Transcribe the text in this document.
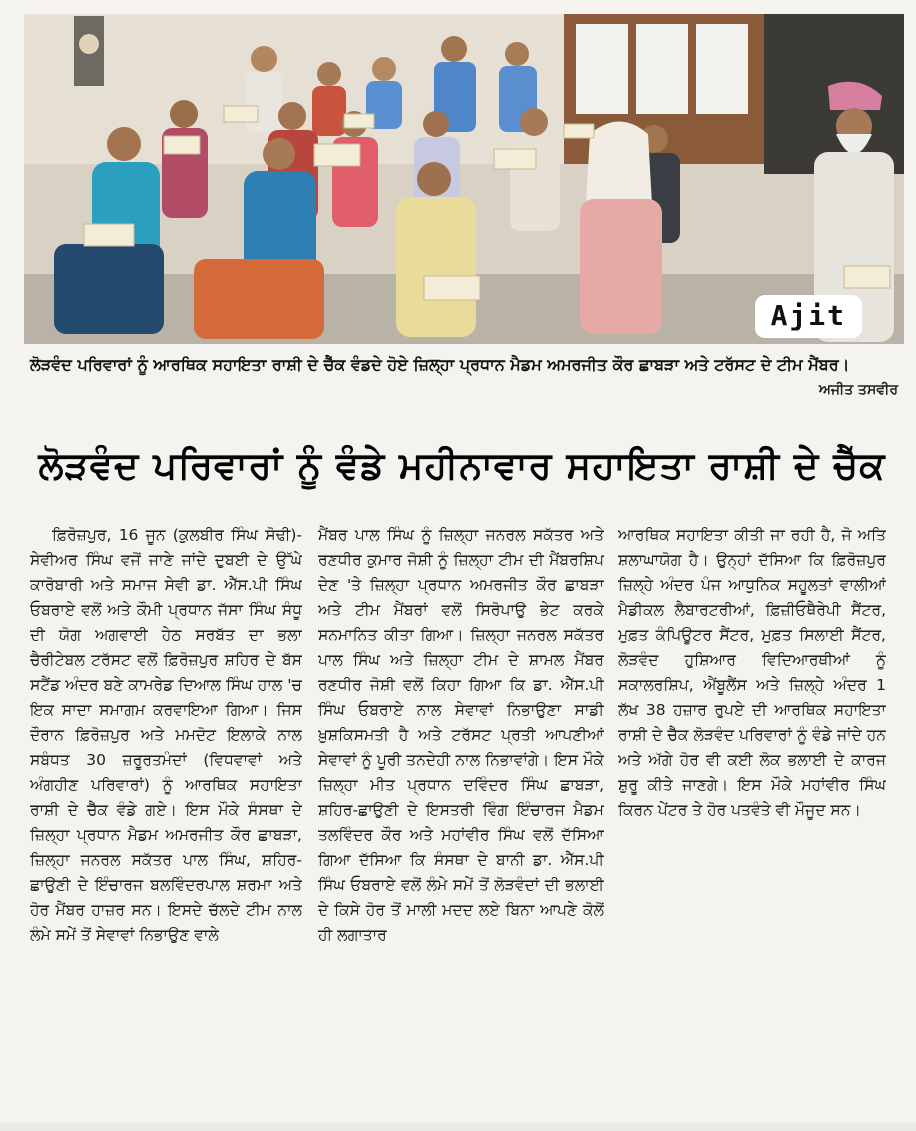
Ajit
ਲੋੜਵੰਦ ਪਰਿਵਾਰਾਂ ਨੂੰ ਆਰਥਿਕ ਸਹਾਇਤਾ ਰਾਸ਼ੀ ਦੇ ਚੈੱਕ ਵੰਡਦੇ ਹੋਏ ਜ਼ਿਲ੍ਹਾ ਪ੍ਰਧਾਨ ਮੈਡਮ ਅਮਰਜੀਤ ਕੌਰ ਛਾਬੜਾ ਅਤੇ ਟਰੱਸਟ ਦੇ ਟੀਮ ਮੈਂਬਰ।
ਅਜੀਤ ਤਸਵੀਰ
ਲੋੜਵੰਦ ਪਰਿਵਾਰਾਂ ਨੂੰ ਵੰਡੇ ਮਹੀਨਾਵਾਰ ਸਹਾਇਤਾ ਰਾਸ਼ੀ ਦੇ ਚੈੱਕ

ਫ਼ਿਰੋਜ਼ਪੁਰ, 16 ਜੂਨ (ਕੁਲਬੀਰ ਸਿੰਘ ਸੋਢੀ)-ਸੇਵੀਅਰ ਸਿੰਘ ਵਜੋਂ ਜਾਣੇ ਜਾਂਦੇ ਦੁਬਈ ਦੇ ਉੱਘੇ ਕਾਰੋਬਾਰੀ ਅਤੇ ਸਮਾਜ ਸੇਵੀ ਡਾ. ਐੱਸ.ਪੀ ਸਿੰਘ ਓਬਰਾਏ ਵਲੋਂ ਅਤੇ ਕੌਮੀ ਪ੍ਰਧਾਨ ਜੱਸਾ ਸਿੰਘ ਸੰਧੂ ਦੀ ਯੋਗ ਅਗਵਾਈ ਹੇਠ ਸਰਬੱਤ ਦਾ ਭਲਾ ਚੈਰੀਟੇਬਲ ਟਰੱਸਟ ਵਲੋਂ ਫ਼ਿਰੋਜ਼ਪੁਰ ਸ਼ਹਿਰ ਦੇ ਬੱਸ ਸਟੈਂਡ ਅੰਦਰ ਬਣੇ ਕਾਮਰੇਡ ਦਿਆਲ ਸਿੰਘ ਹਾਲ 'ਚ ਇਕ ਸਾਦਾ ਸਮਾਗਮ ਕਰਵਾਇਆ ਗਿਆ। ਜਿਸ ਦੌਰਾਨ ਫ਼ਿਰੋਜ਼ਪੁਰ ਅਤੇ ਮਮਦੋਟ ਇਲਾਕੇ ਨਾਲ ਸਬੰਧਤ 30 ਜ਼ਰੂਰਤਮੰਦਾਂ (ਵਿਧਵਾਵਾਂ ਅਤੇ ਅੰਗਹੀਣ ਪਰਿਵਾਰਾਂ) ਨੂੰ ਆਰਥਿਕ ਸਹਾਇਤਾ ਰਾਸ਼ੀ ਦੇ ਚੈੱਕ ਵੰਡੇ ਗਏ। ਇਸ ਮੌਕੇ ਸੰਸਥਾ ਦੇ ਜ਼ਿਲ੍ਹਾ ਪ੍ਰਧਾਨ ਮੈਡਮ ਅਮਰਜੀਤ ਕੌਰ ਛਾਬੜਾ, ਜ਼ਿਲ੍ਹਾ ਜਨਰਲ ਸਕੱਤਰ ਪਾਲ ਸਿੰਘ, ਸ਼ਹਿਰ-ਛਾਉਣੀ ਦੇ ਇੰਚਾਰਜ ਬਲਵਿੰਦਰਪਾਲ ਸ਼ਰਮਾ ਅਤੇ ਹੋਰ ਮੈਂਬਰ ਹਾਜ਼ਰ ਸਨ। ਇਸਦੇ ਚੱਲਦੇ ਟੀਮ ਨਾਲ ਲੰਮੇ ਸਮੇਂ ਤੋਂ ਸੇਵਾਵਾਂ ਨਿਭਾਉਣ ਵਾਲੇ

ਮੈਂਬਰ ਪਾਲ ਸਿੰਘ ਨੂੰ ਜ਼ਿਲ੍ਹਾ ਜਨਰਲ ਸਕੱਤਰ ਅਤੇ ਰਣਧੀਰ ਕੁਮਾਰ ਜੋਸ਼ੀ ਨੂੰ ਜ਼ਿਲ੍ਹਾ ਟੀਮ ਦੀ ਮੈਂਬਰਸ਼ਿਪ ਦੇਣ 'ਤੇ ਜ਼ਿਲ੍ਹਾ ਪ੍ਰਧਾਨ ਅਮਰਜੀਤ ਕੌਰ ਛਾਬੜਾ ਅਤੇ ਟੀਮ ਮੈਂਬਰਾਂ ਵਲੋਂ ਸਿਰੋਪਾਉ ਭੇਟ ਕਰਕੇ ਸਨਮਾਨਿਤ ਕੀਤਾ ਗਿਆ। ਜ਼ਿਲ੍ਹਾ ਜਨਰਲ ਸਕੱਤਰ ਪਾਲ ਸਿੰਘ ਅਤੇ ਜ਼ਿਲ੍ਹਾ ਟੀਮ ਦੇ ਸ਼ਾਮਲ ਮੈਂਬਰ ਰਣਧੀਰ ਜੋਸ਼ੀ ਵਲੋਂ ਕਿਹਾ ਗਿਆ ਕਿ ਡਾ. ਐੱਸ.ਪੀ ਸਿੰਘ ਓਬਰਾਏ ਨਾਲ ਸੇਵਾਵਾਂ ਨਿਭਾਉਣਾ ਸਾਡੀ ਖ਼ੁਸ਼ਕਿਸਮਤੀ ਹੈ ਅਤੇ ਟਰੱਸਟ ਪ੍ਰਤੀ ਆਪਣੀਆਂ ਸੇਵਾਵਾਂ ਨੂੰ ਪੂਰੀ ਤਨਦੇਹੀ ਨਾਲ ਨਿਭਾਵਾਂਗੇ। ਇਸ ਮੌਕੇ ਜ਼ਿਲ੍ਹਾ ਮੀਤ ਪ੍ਰਧਾਨ ਦਵਿੰਦਰ ਸਿੰਘ ਛਾਬੜਾ, ਸ਼ਹਿਰ-ਛਾਉਣੀ ਦੇ ਇਸਤਰੀ ਵਿੰਗ ਇੰਚਾਰਜ ਮੈਡਮ ਤਲਵਿੰਦਰ ਕੌਰ ਅਤੇ ਮਹਾਂਵੀਰ ਸਿੰਘ ਵਲੋਂ ਦੱਸਿਆ ਗਿਆ ਦੱਸਿਆ ਕਿ ਸੰਸਥਾ ਦੇ ਬਾਨੀ ਡਾ. ਐੱਸ.ਪੀ ਸਿੰਘ ਓਬਰਾਏ ਵਲੋਂ ਲੰਮੇ ਸਮੇਂ ਤੋਂ ਲੋੜਵੰਦਾਂ ਦੀ ਭਲਾਈ ਦੇ ਕਿਸੇ ਹੋਰ ਤੋਂ ਮਾਲੀ ਮਦਦ ਲਏ ਬਿਨਾ ਆਪਣੇ ਕੋਲੋਂ ਹੀ ਲਗਾਤਾਰ

ਆਰਥਿਕ ਸਹਾਇਤਾ ਕੀਤੀ ਜਾ ਰਹੀ ਹੈ, ਜੋ ਅਤਿ ਸ਼ਲਾਘਾਯੋਗ ਹੈ। ਉਨ੍ਹਾਂ ਦੱਸਿਆ ਕਿ ਫ਼ਿਰੋਜ਼ਪੁਰ ਜ਼ਿਲ੍ਹੇ ਅੰਦਰ ਪੰਜ ਆਧੁਨਿਕ ਸਹੂਲਤਾਂ ਵਾਲੀਆਂ ਮੈਡੀਕਲ ਲੈਬਾਰਟਰੀਆਂ, ਫ਼ਿਜ਼ੀਓਥੈਰੇਪੀ ਸੈਂਟਰ, ਮੁਫ਼ਤ ਕੰਪਿਊਟਰ ਸੈਂਟਰ, ਮੁਫ਼ਤ ਸਿਲਾਈ ਸੈਂਟਰ, ਲੋੜਵੰਦ ਹੁਸ਼ਿਆਰ ਵਿਦਿਆਰਥੀਆਂ ਨੂੰ ਸਕਾਲਰਸ਼ਿਪ, ਐਂਬੂਲੈਂਸ ਅਤੇ ਜ਼ਿਲ੍ਹੇ ਅੰਦਰ 1 ਲੱਖ 38 ਹਜ਼ਾਰ ਰੁਪਏ ਦੀ ਆਰਥਿਕ ਸਹਾਇਤਾ ਰਾਸ਼ੀ ਦੇ ਚੈੱਕ ਲੋੜਵੰਦ ਪਰਿਵਾਰਾਂ ਨੂੰ ਵੰਡੇ ਜਾਂਦੇ ਹਨ ਅਤੇ ਅੱਗੇ ਹੋਰ ਵੀ ਕਈ ਲੋਕ ਭਲਾਈ ਦੇ ਕਾਰਜ ਸ਼ੁਰੂ ਕੀਤੇ ਜਾਣਗੇ। ਇਸ ਮੌਕੇ ਮਹਾਂਵੀਰ ਸਿੰਘ ਕਿਰਨ ਪੇਂਟਰ ਤੇ ਹੋਰ ਪਤਵੰਤੇ ਵੀ ਮੌਜੂਦ ਸਨ।
